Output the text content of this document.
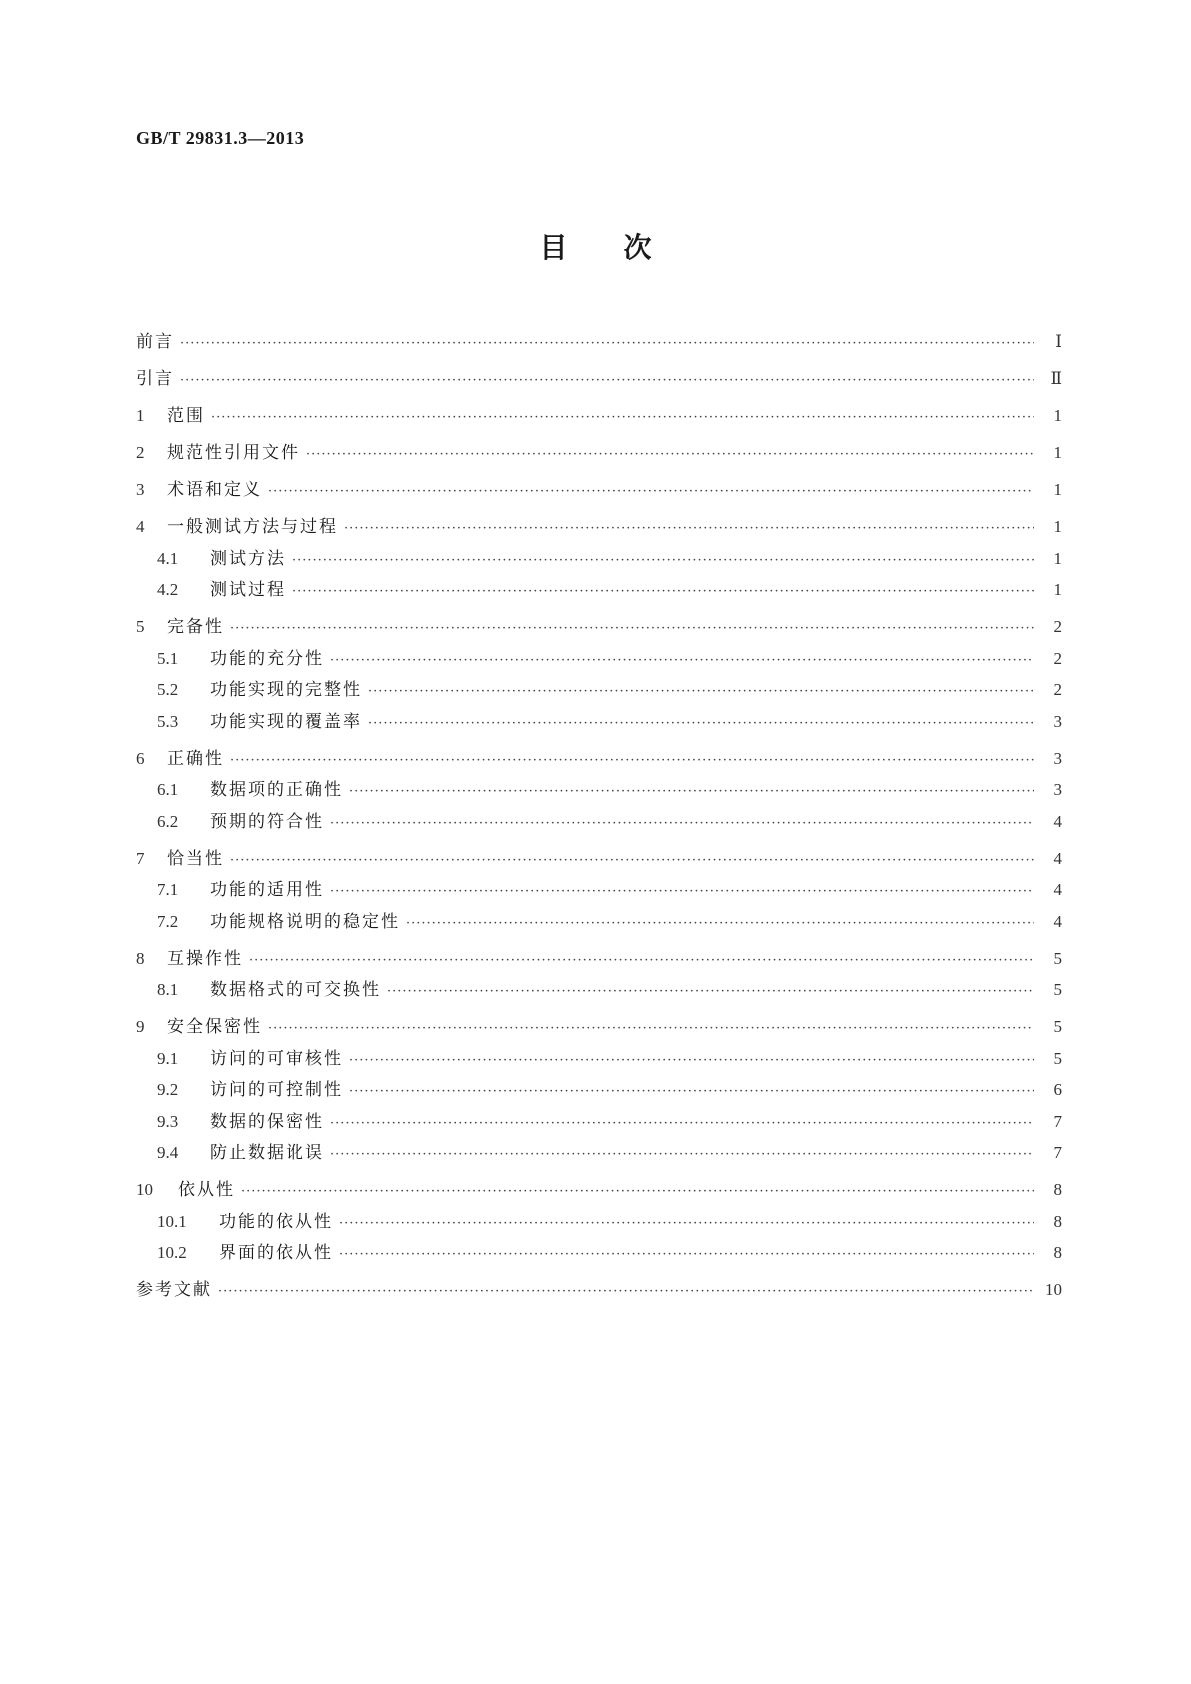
GB/T 29831.3—2013
目次
前言 ·····	Ⅰ
引言 ·····	Ⅱ
1	范围 ·····	1
2	规范性引用文件 ·····	1
3	术语和定义 ·····	1
4	一般测试方法与过程 ·····	1
4.1	测试方法 ·····	1
4.2	测试过程 ·····	1
5	完备性 ·····	2
5.1	功能的充分性 ·····	2
5.2	功能实现的完整性 ·····	2
5.3	功能实现的覆盖率 ·····	3
6	正确性 ·····	3
6.1	数据项的正确性 ·····	3
6.2	预期的符合性 ·····	4
7	恰当性 ·····	4
7.1	功能的适用性 ·····	4
7.2	功能规格说明的稳定性 ·····	4
8	互操作性 ·····	5
8.1	数据格式的可交换性 ·····	5
9	安全保密性 ·····	5
9.1	访问的可审核性 ·····	5
9.2	访问的可控制性 ·····	6
9.3	数据的保密性 ·····	7
9.4	防止数据讹误 ·····	7
10	依从性 ·····	8
10.1	功能的依从性 ·····	8
10.2	界面的依从性 ·····	8
参考文献 ·····	10
